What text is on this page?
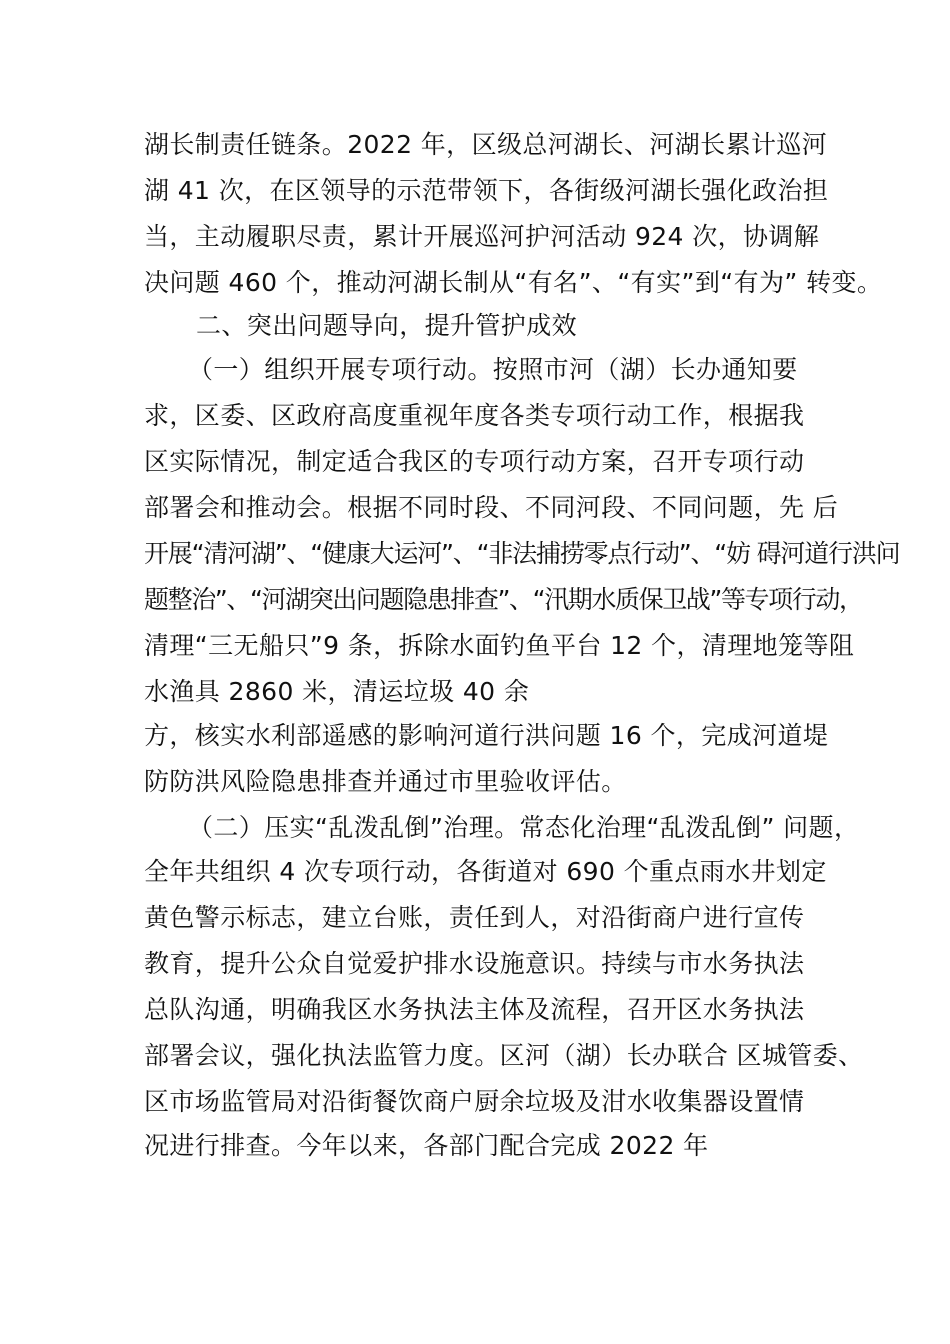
湖长制责任链条。2022 年，区级总河湖长、河湖长累计巡河
湖 41 次，在区领导的示范带领下，各街级河湖长强化政治担
当，主动履职尽责，累计开展巡河护河活动 924 次，协调解
决问题 460 个，推动河湖长制从“有名”、“有实”到“有为” 转变。
二、突出问题导向，提升管护成效
（一）组织开展专项行动。按照市河（湖）长办通知要
求，区委、区政府高度重视年度各类专项行动工作，根据我
区实际情况，制定适合我区的专项行动方案，召开专项行动
部署会和推动会。根据不同时段、不同河段、不同问题，先 后
开展“清河湖”、“健康大运河”、“非法捕捞零点行动”、“妨 碍河道行洪问
题整治”、“河湖突出问题隐患排查”、“汛期水质保卫战”等专项行动，
清理“三无船只”9 条，拆除水面钓鱼平台 12 个，清理地笼等阻
水渔具 2860 米，清运垃圾 40 余
方，核实水利部遥感的影响河道行洪问题 16 个，完成河道堤
防防洪风险隐患排查并通过市里验收评估。
（二）压实“乱泼乱倒”治理。常态化治理“乱泼乱倒” 问题，
全年共组织 4 次专项行动，各街道对 690 个重点雨水井划定
黄色警示标志，建立台账，责任到人，对沿街商户进行宣传
教育，提升公众自觉爱护排水设施意识。持续与市水务执法
总队沟通，明确我区水务执法主体及流程，召开区水务执法
部署会议，强化执法监管力度。区河（湖）长办联合 区城管委、
区市场监管局对沿街餐饮商户厨余垃圾及泔水收集器设置情
况进行排查。今年以来，各部门配合完成 2022 年
